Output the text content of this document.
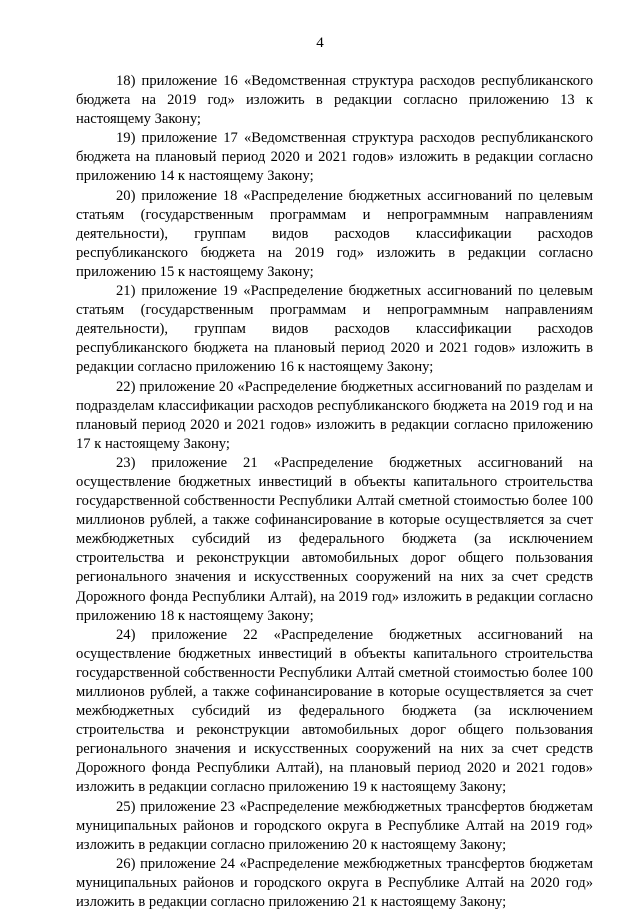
4

18) приложение 16 «Ведомственная структура расходов республиканского бюджета на 2019 год» изложить в редакции согласно приложению 13 к настоящему Закону;

19) приложение 17 «Ведомственная структура расходов республиканского бюджета на плановый период 2020 и 2021 годов» изложить в редакции согласно приложению 14 к настоящему Закону;

20) приложение 18 «Распределение бюджетных ассигнований по целевым статьям (государственным программам и непрограммным направлениям деятельности), группам видов расходов классификации расходов республиканского бюджета на 2019 год» изложить в редакции согласно приложению 15 к настоящему Закону;

21) приложение 19 «Распределение бюджетных ассигнований по целевым статьям (государственным программам и непрограммным направлениям деятельности), группам видов расходов классификации расходов республиканского бюджета на плановый период 2020 и 2021 годов» изложить в редакции согласно приложению 16 к настоящему Закону;

22) приложение 20 «Распределение бюджетных ассигнований по разделам и подразделам классификации расходов республиканского бюджета на 2019 год и на плановый период 2020 и 2021 годов» изложить в редакции согласно приложению 17 к настоящему Закону;

23) приложение 21 «Распределение бюджетных ассигнований на осуществление бюджетных инвестиций в объекты капитального строительства государственной собственности Республики Алтай сметной стоимостью более 100 миллионов рублей, а также софинансирование в которые осуществляется за счет межбюджетных субсидий из федерального бюджета (за исключением строительства и реконструкции автомобильных дорог общего пользования регионального значения и искусственных сооружений на них за счет средств Дорожного фонда Республики Алтай), на 2019 год» изложить в редакции согласно приложению 18 к настоящему Закону;

24) приложение 22 «Распределение бюджетных ассигнований на осуществление бюджетных инвестиций в объекты капитального строительства государственной собственности Республики Алтай сметной стоимостью более 100 миллионов рублей, а также софинансирование в которые осуществляется за счет межбюджетных субсидий из федерального бюджета (за исключением строительства и реконструкции автомобильных дорог общего пользования регионального значения и искусственных сооружений на них за счет средств Дорожного фонда Республики Алтай), на плановый период 2020 и 2021 годов» изложить в редакции согласно приложению 19 к настоящему Закону;

25) приложение 23 «Распределение межбюджетных трансфертов бюджетам муниципальных районов и городского округа в Республике Алтай на 2019 год» изложить в редакции согласно приложению 20 к настоящему Закону;

26) приложение 24 «Распределение межбюджетных трансфертов бюджетам муниципальных районов и городского округа в Республике Алтай на 2020 год» изложить в редакции согласно приложению 21 к настоящему Закону;
